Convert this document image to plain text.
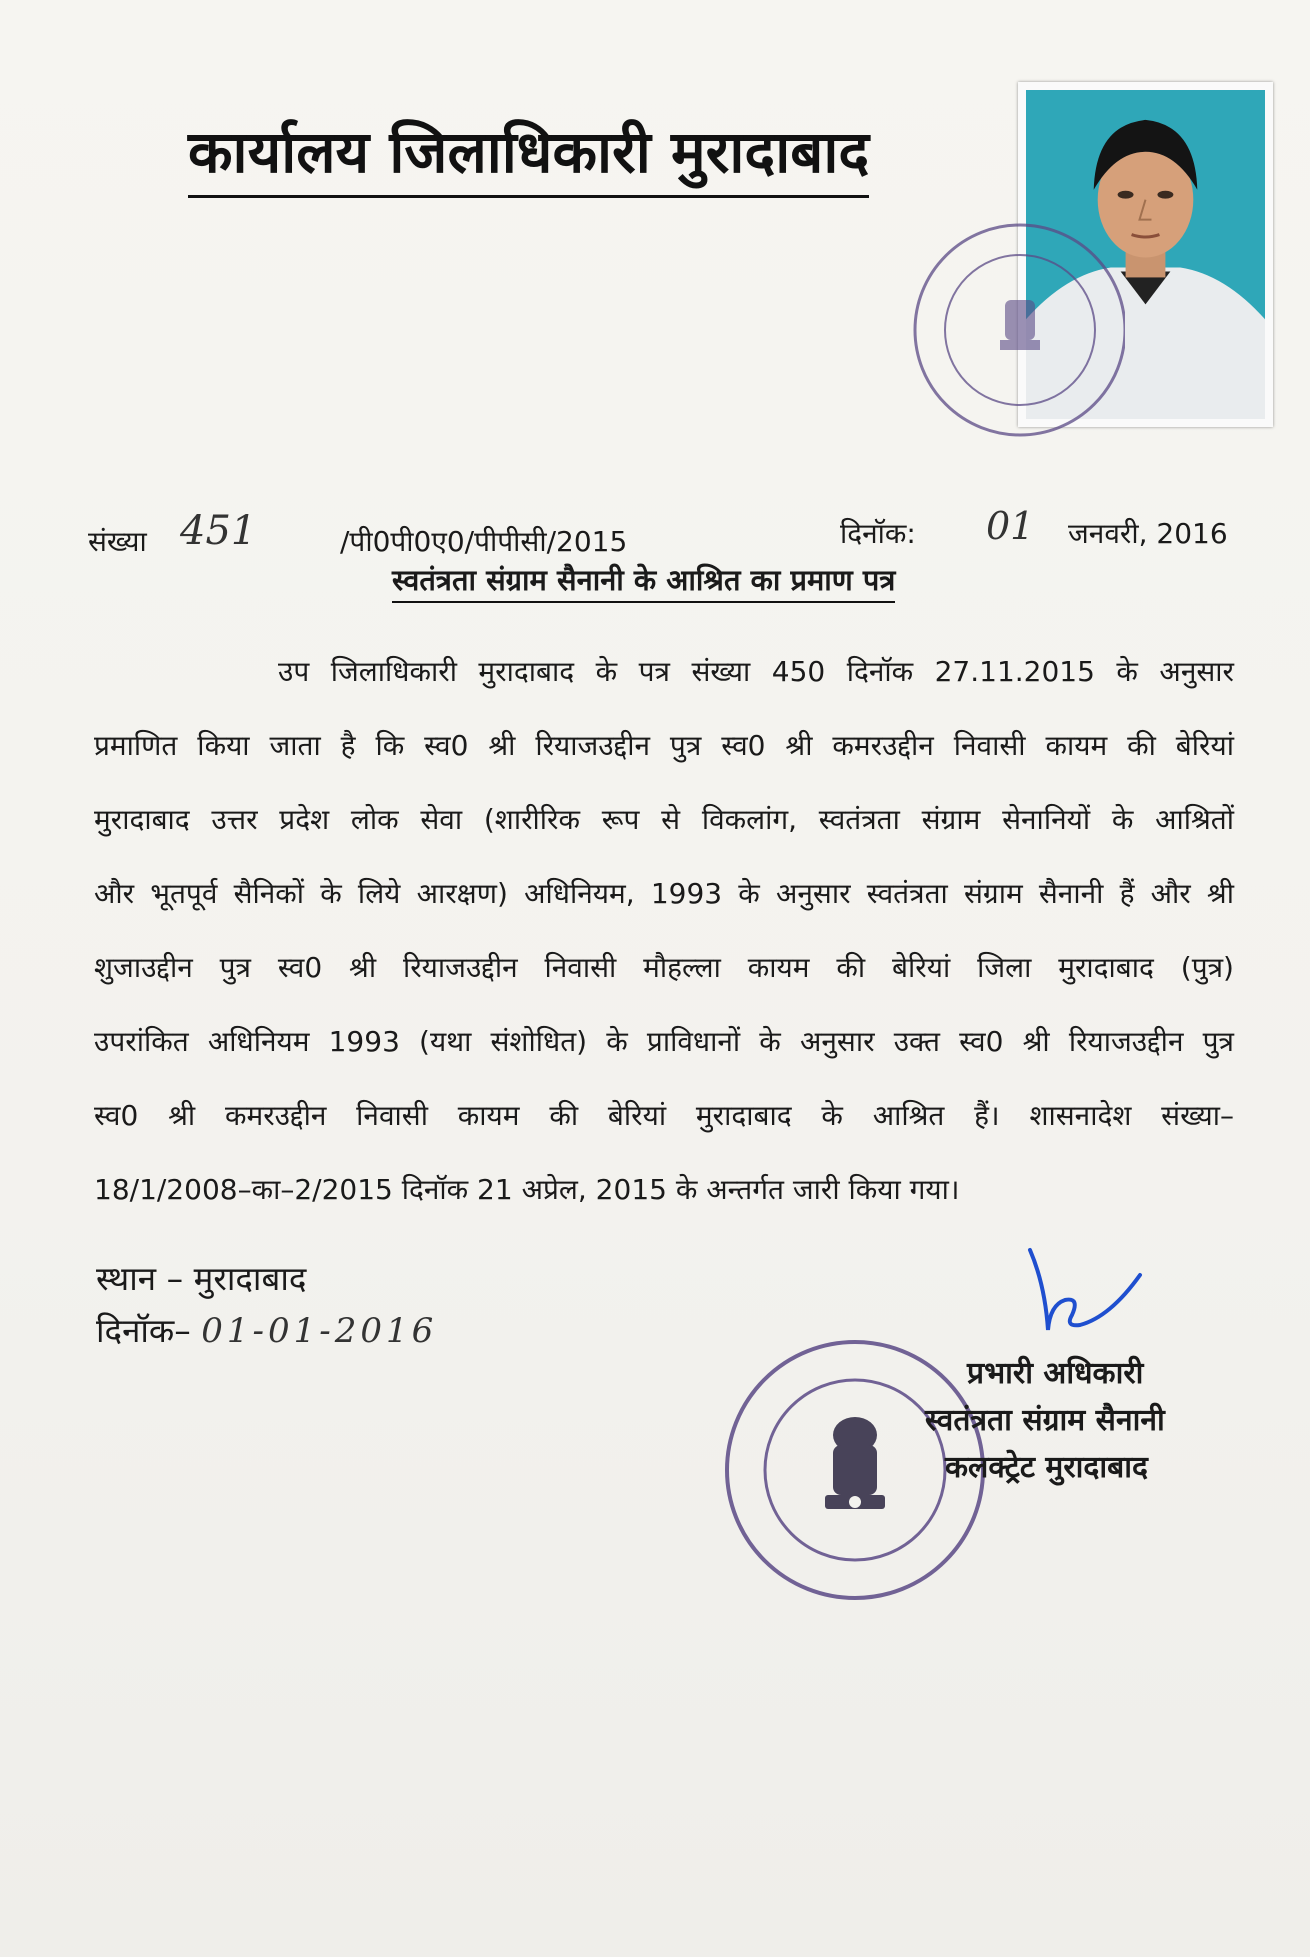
कार्यालय जिलाधिकारी मुरादाबाद
संख्या 451	/पी0पी0ए0/पीपीसी/2015	दिनॉक: 01 जनवरी, 2016
स्वतंत्रता संग्राम सैनानी के आश्रित का प्रमाण पत्र
उप जिलाधिकारी मुरादाबाद के पत्र संख्या 450 दिनॉक 27.11.2015 के अनुसार
प्रमाणित किया जाता है कि स्व0 श्री रियाजउद्दीन पुत्र स्व0 श्री कमरउद्दीन निवासी कायम की बेरियां
मुरादाबाद उत्तर प्रदेश लोक सेवा (शारीरिक रूप से विकलांग, स्वतंत्रता संग्राम सेनानियों के आश्रितों
और भूतपूर्व सैनिकों के लिये आरक्षण) अधिनियम, 1993 के अनुसार स्वतंत्रता संग्राम सैनानी हैं और श्री
शुजाउद्दीन पुत्र स्व0 श्री रियाजउद्दीन निवासी मौहल्ला कायम की बेरियां जिला मुरादाबाद (पुत्र)
उपरांकित अधिनियम 1993 (यथा संशोधित) के प्राविधानों के अनुसार उक्त स्व0 श्री रियाजउद्दीन पुत्र
स्व0 श्री कमरउद्दीन निवासी कायम की बेरियां मुरादाबाद के आश्रित हैं। शासनादेश संख्या–
18/1/2008–का–2/2015 दिनॉक 21 अप्रेल, 2015 के अन्तर्गत जारी किया गया।
स्थान – मुरादाबाद
दिनॉक– 01-01-2016
प्रभारी अधिकारी
स्वतंत्रता संग्राम सैनानी
कलक्ट्रेट मुरादाबाद
